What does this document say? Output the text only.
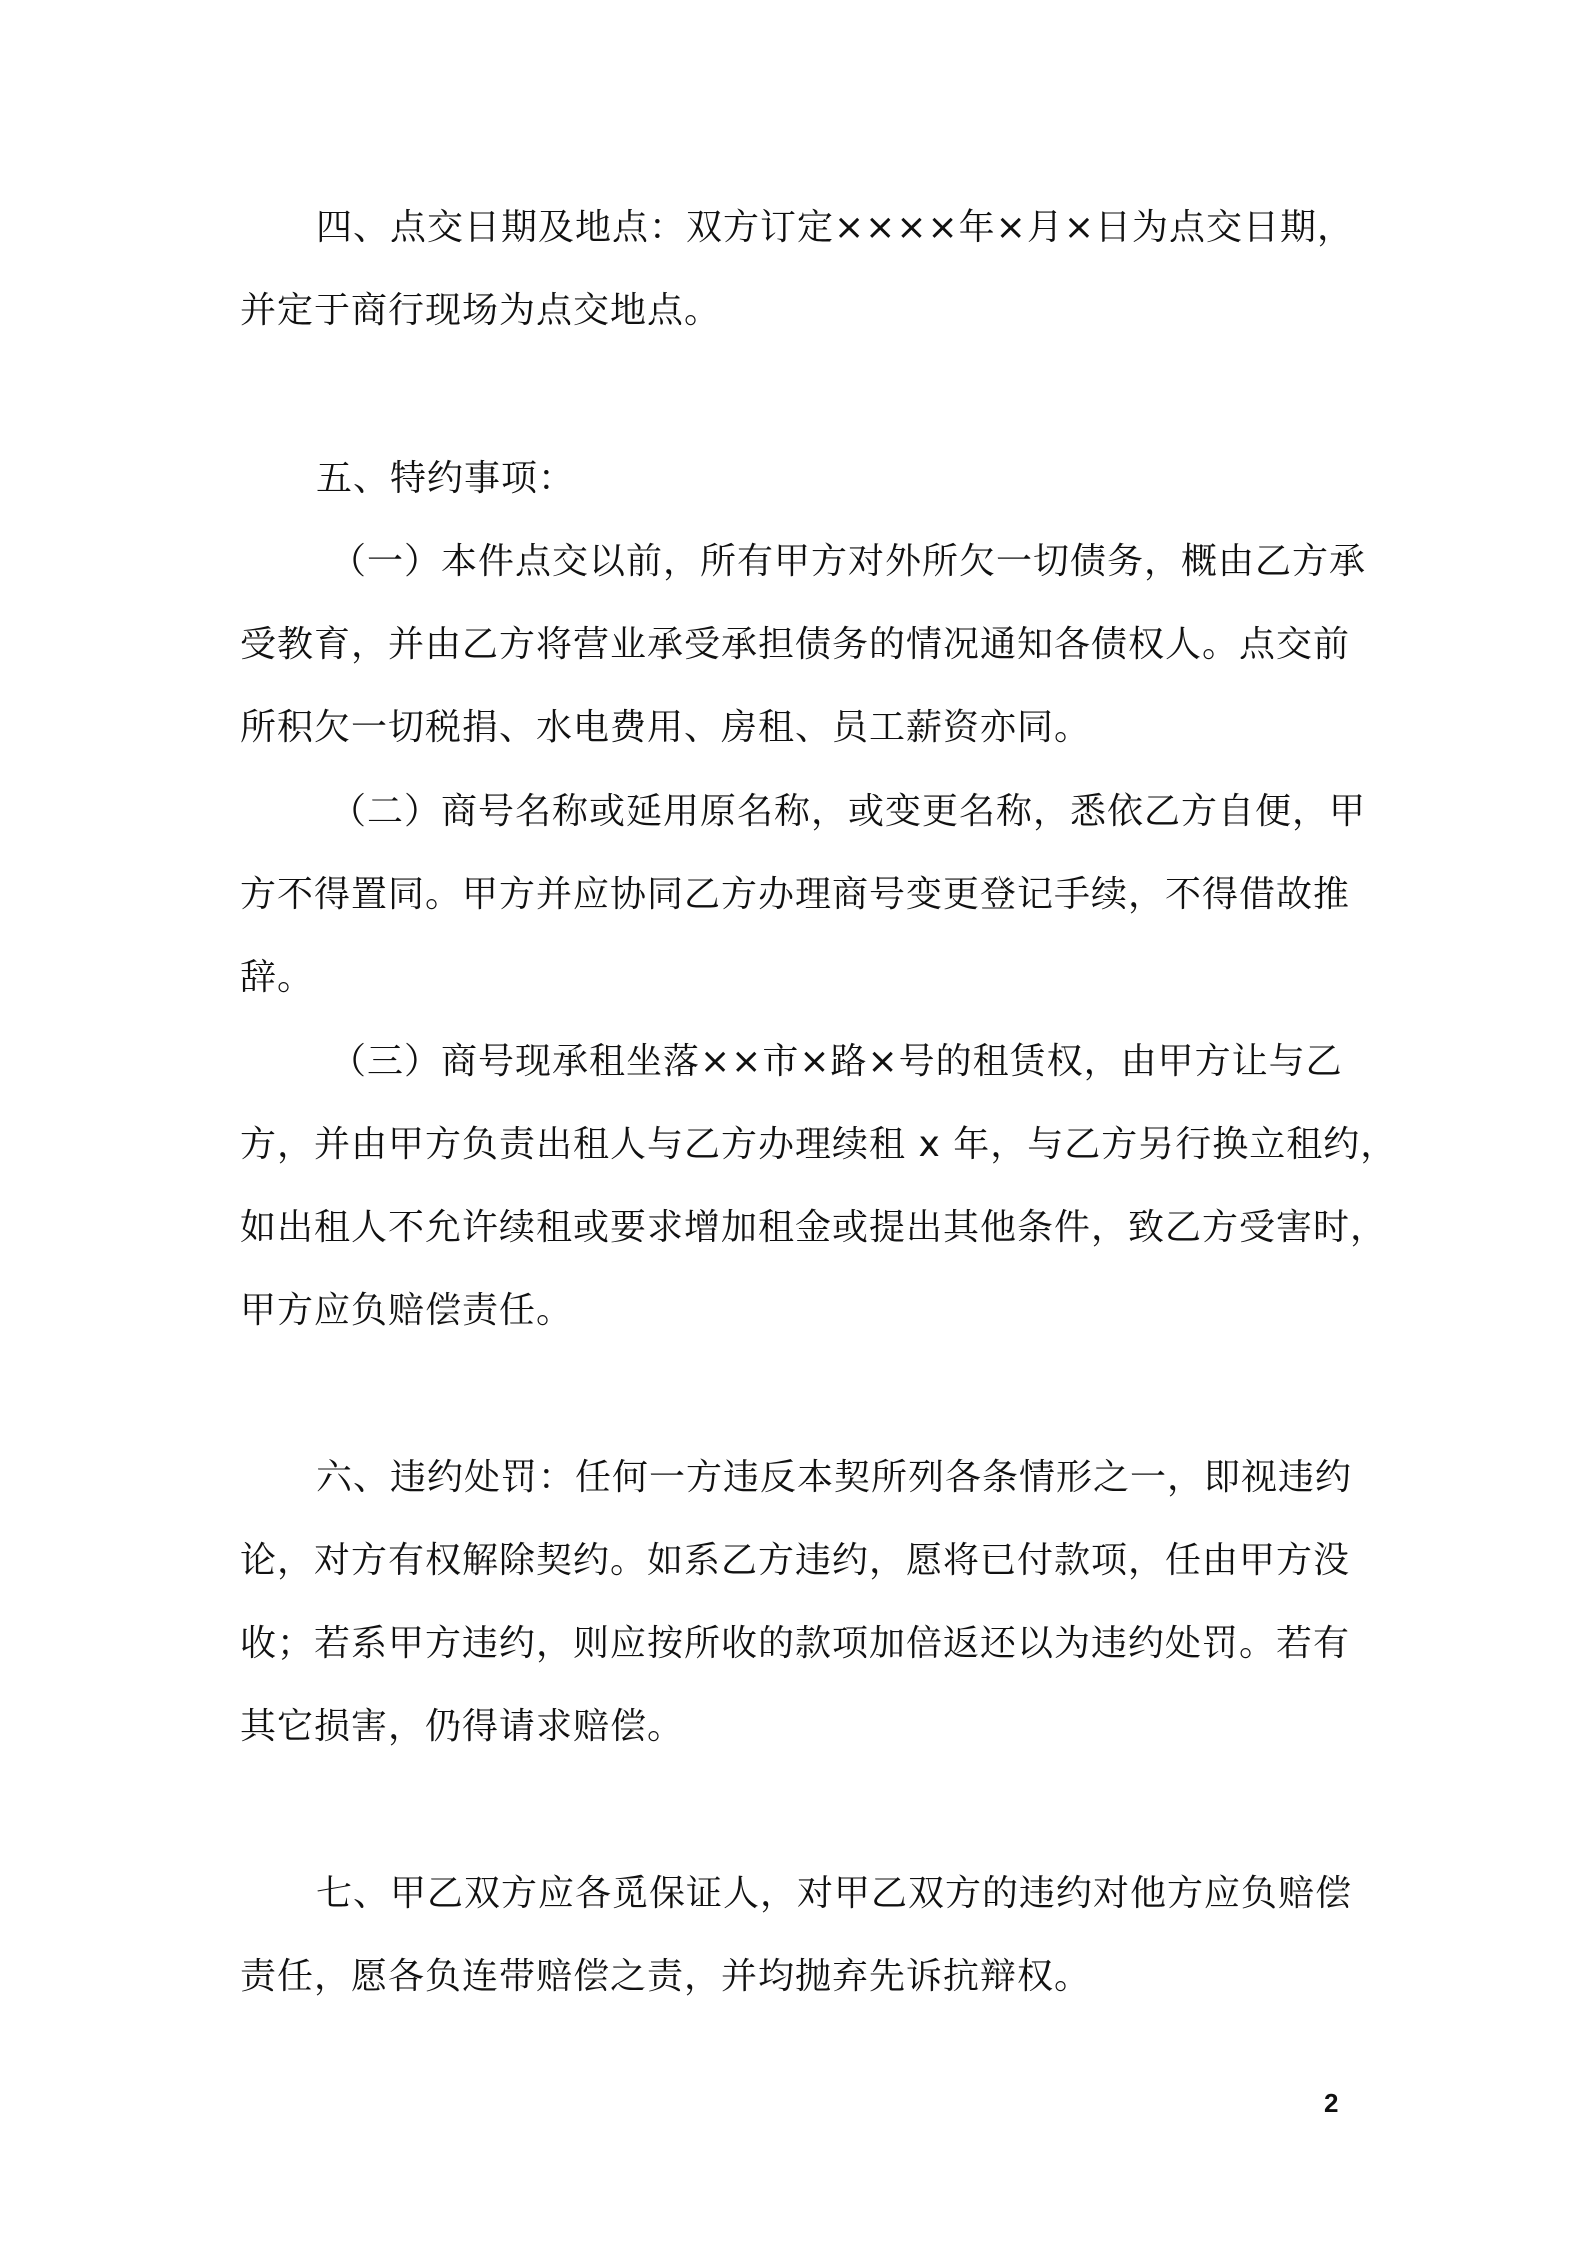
四、点交日期及地点：双方订定××××年×月×日为点交日期，
并定于商行现场为点交地点。

五、特约事项：

（一）本件点交以前，所有甲方对外所欠一切债务，概由乙方承
受教育，并由乙方将营业承受承担债务的情况通知各债权人。点交前
所积欠一切税捐、水电费用、房租、员工薪资亦同。

（二）商号名称或延用原名称，或变更名称，悉依乙方自便，甲
方不得置同。甲方并应协同乙方办理商号变更登记手续，不得借故推
辞。

（三）商号现承租坐落××市×路×号的租赁权，由甲方让与乙
方，并由甲方负责出租人与乙方办理续租 x 年，与乙方另行换立租约，
如出租人不允许续租或要求增加租金或提出其他条件，致乙方受害时，
甲方应负赔偿责任。

六、违约处罚：任何一方违反本契所列各条情形之一，即视违约
论，对方有权解除契约。如系乙方违约，愿将已付款项，任由甲方没
收；若系甲方违约，则应按所收的款项加倍返还以为违约处罚。若有
其它损害，仍得请求赔偿。

七、甲乙双方应各觅保证人，对甲乙双方的违约对他方应负赔偿
责任，愿各负连带赔偿之责，并均抛弃先诉抗辩权。

2
